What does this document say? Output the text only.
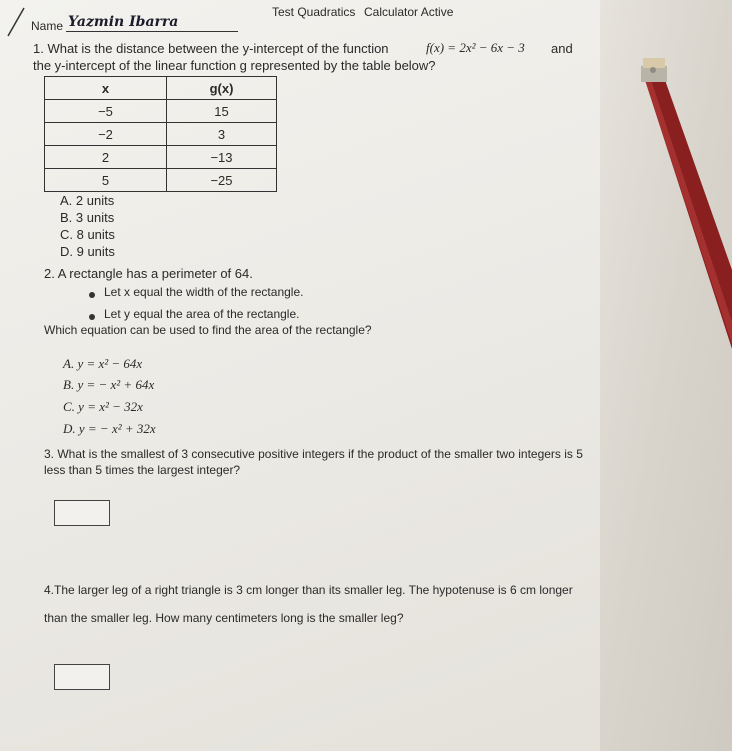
Name Yazmin Ibarra
Test Quadratics Calculator Active
1. What is the distance between the y-intercept of the function	f(x) = 2x² − 6x − 3 and
the y-intercept of the linear function g represented by the table below?
x	g(x)
−5	15
−2	3
2	−13
5	−25
A. 2 units
B. 3 units
C. 8 units
D. 9 units
2. A rectangle has a perimeter of 64.
Let x equal the width of the rectangle.
Let y equal the area of the rectangle.
Which equation can be used to find the area of the rectangle?
A. y = x² − 64x
B. y = − x² + 64x
C. y = x² − 32x
D. y = − x² + 32x
3. What is the smallest of 3 consecutive positive integers if the product of the smaller two integers is 5
less than 5 times the largest integer?
4.The larger leg of a right triangle is 3 cm longer than its smaller leg. The hypotenuse is 6 cm longer
than the smaller leg. How many centimeters long is the smaller leg?
